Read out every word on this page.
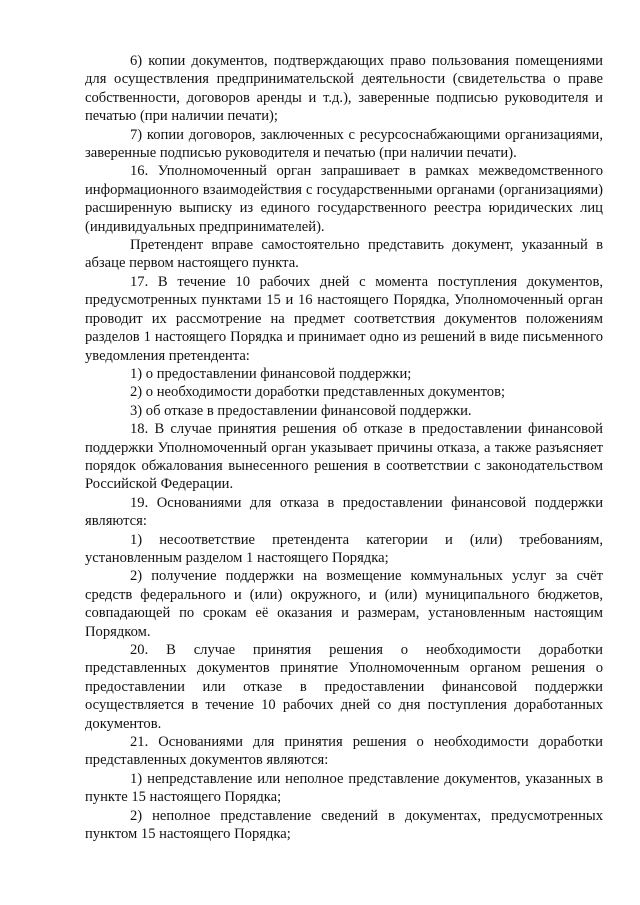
6) копии документов, подтверждающих право пользования помещениями для осуществления предпринимательской деятельности (свидетельства о праве собственности, договоров аренды и т.д.), заверенные подписью руководителя и печатью (при наличии печати);

7) копии договоров, заключенных с ресурсоснабжающими организациями, заверенные подписью руководителя и печатью (при наличии печати).

16. Уполномоченный орган запрашивает в рамках межведомственного информационного взаимодействия с государственными органами (организациями) расширенную выписку из единого государственного реестра юридических лиц (индивидуальных предпринимателей).

Претендент вправе самостоятельно представить документ, указанный в абзаце первом настоящего пункта.

17. В течение 10 рабочих дней с момента поступления документов, предусмотренных пунктами 15 и 16 настоящего Порядка, Уполномоченный орган проводит их рассмотрение на предмет соответствия документов положениям разделов 1 настоящего Порядка и принимает одно из решений в виде письменного уведомления претендента:

1) о предоставлении финансовой поддержки;

2) о необходимости доработки представленных документов;

3) об отказе в предоставлении финансовой поддержки.

18. В случае принятия решения об отказе в предоставлении финансовой поддержки Уполномоченный орган указывает причины отказа, а также разъясняет порядок обжалования вынесенного решения в соответствии с законодательством Российской Федерации.

19. Основаниями для отказа в предоставлении финансовой поддержки являются:

1) несоответствие претендента категории и (или) требованиям, установленным разделом 1 настоящего Порядка;

2) получение поддержки на возмещение коммунальных услуг за счёт средств федерального и (или) окружного, и (или) муниципального бюджетов, совпадающей по срокам её оказания и размерам, установленным настоящим Порядком.

20. В случае принятия решения о необходимости доработки представленных документов принятие Уполномоченным органом решения о предоставлении или отказе в предоставлении финансовой поддержки осуществляется в течение 10 рабочих дней со дня поступления доработанных документов.

21. Основаниями для принятия решения о необходимости доработки представленных документов являются:

1) непредставление или неполное представление документов, указанных в пункте 15 настоящего Порядка;

2) неполное представление сведений в документах, предусмотренных пунктом 15 настоящего Порядка;
